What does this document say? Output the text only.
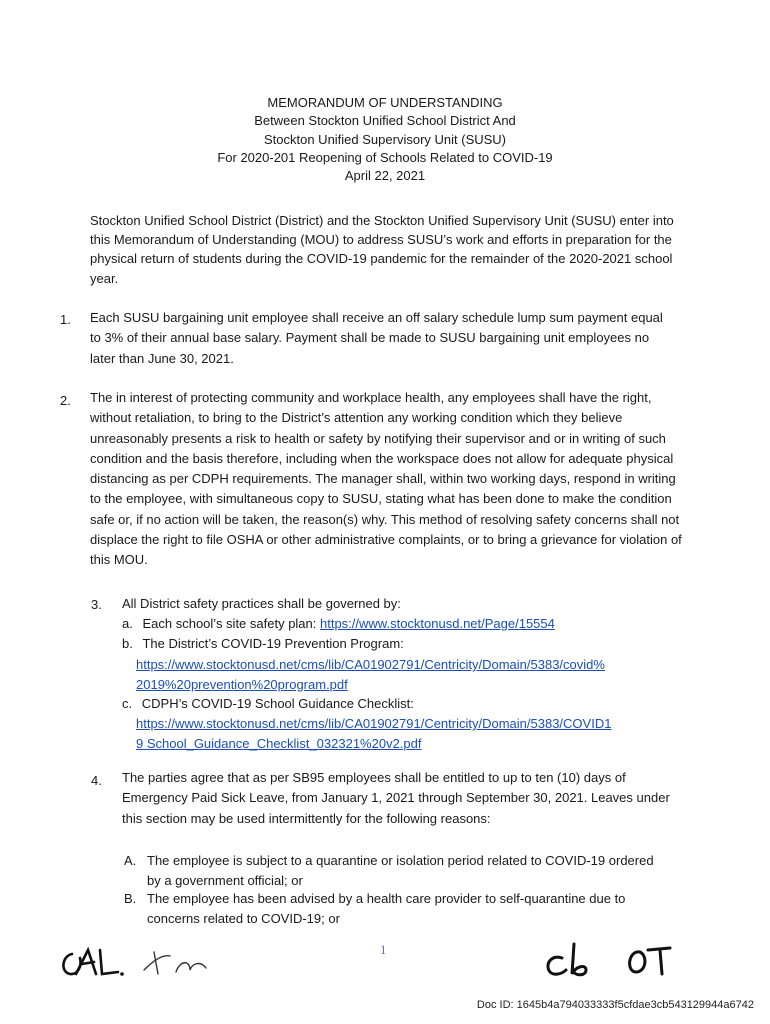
MEMORANDUM OF UNDERSTANDING
Between Stockton Unified School District And
Stockton Unified Supervisory Unit (SUSU)
For 2020-201 Reopening of Schools Related to COVID-19
April 22, 2021
Stockton Unified School District (District) and the Stockton Unified Supervisory Unit (SUSU) enter into this Memorandum of Understanding (MOU) to address SUSU’s work and efforts in preparation for the physical return of students during the COVID-19 pandemic for the remainder of the 2020-2021 school year.
1. Each SUSU bargaining unit employee shall receive an off salary schedule lump sum payment equal to 3% of their annual base salary. Payment shall be made to SUSU bargaining unit employees no later than June 30, 2021.
2. The in interest of protecting community and workplace health, any employees shall have the right, without retaliation, to bring to the District’s attention any working condition which they believe unreasonably presents a risk to health or safety by notifying their supervisor and or in writing of such condition and the basis therefore, including when the workspace does not allow for adequate physical distancing as per CDPH requirements. The manager shall, within two working days, respond in writing to the employee, with simultaneous copy to SUSU, stating what has been done to make the condition safe or, if no action will be taken, the reason(s) why. This method of resolving safety concerns shall not displace the right to file OSHA or other administrative complaints, or to bring a grievance for violation of this MOU.
3. All District safety practices shall be governed by:
a. Each school’s site safety plan: https://www.stocktonusd.net/Page/15554
b. The District’s COVID-19 Prevention Program:
https://www.stocktonusd.net/cms/lib/CA01902791/Centricity/Domain/5383/covid%
2019%20prevention%20program.pdf
c. CDPH’s COVID-19 School Guidance Checklist:
https://www.stocktonusd.net/cms/lib/CA01902791/Centricity/Domain/5383/COVID1
9 School_Guidance_Checklist_032321%20v2.pdf
4. The parties agree that as per SB95 employees shall be entitled to up to ten (10) days of Emergency Paid Sick Leave, from January 1, 2021 through September 30, 2021. Leaves under this section may be used intermittently for the following reasons:
A. The employee is subject to a quarantine or isolation period related to COVID-19 ordered by a government official; or
B. The employee has been advised by a health care provider to self-quarantine due to concerns related to COVID-19; or
1
Doc ID: 1645b4a794033333f5cfdae3cb543129944a6742
